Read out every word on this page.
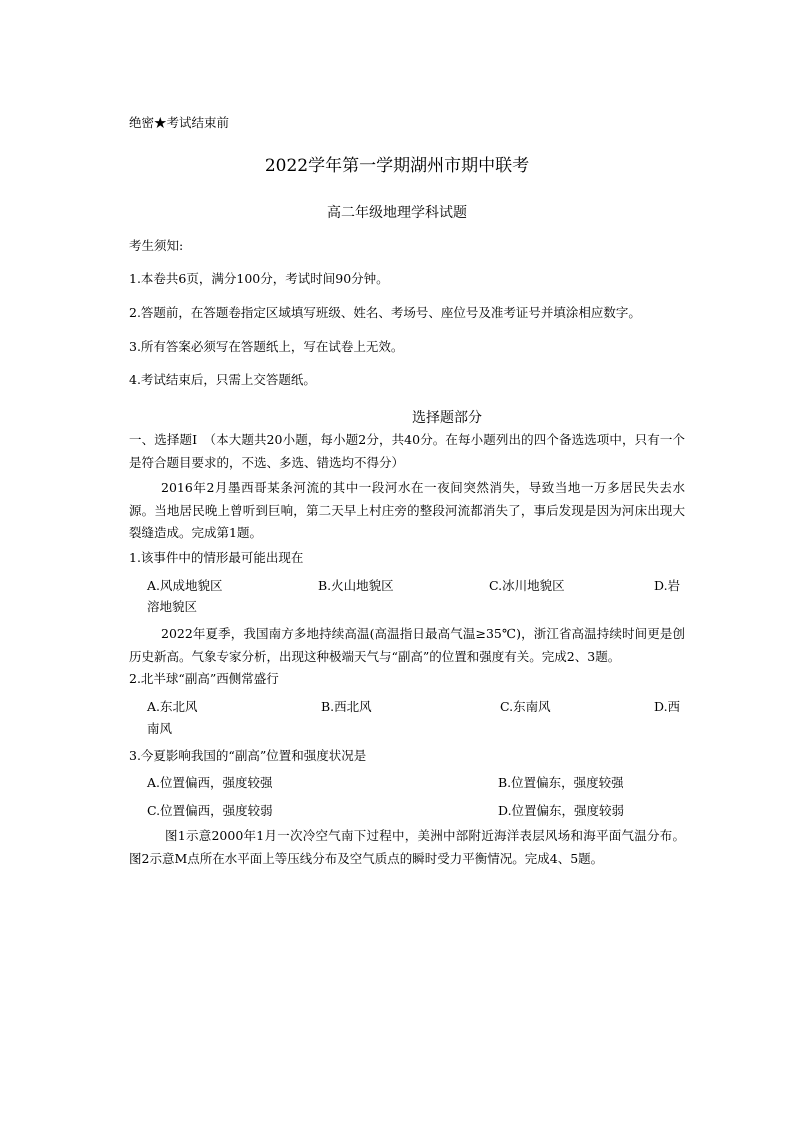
绝密★考试结束前
2022学年第一学期湖州市期中联考
高二年级地理学科试题
考生须知:
1.本卷共6页，满分100分，考试时间90分钟。
2.答题前，在答题卷指定区域填写班级、姓名、考场号、座位号及准考证号并填涂相应数字。
3.所有答案必须写在答题纸上，写在试卷上无效。
4.考试结束后，只需上交答题纸。
选择题部分
一、选择题Ⅰ　（本大题共20小题，每小题2分，共40分。在每小题列出的四个备选选项中，只有一个是符合题目要求的，不选、多选、错选均不得分）
2016年2月墨西哥某条河流的其中一段河水在一夜间突然消失，导致当地一万多居民失去水源。当地居民晚上曾听到巨响，第二天早上村庄旁的整段河流都消失了，事后发现是因为河床出现大裂缝造成。完成第1题。
1.该事件中的情形最可能出现在
A.风成地貌区	B.火山地貌区	C.冰川地貌区	D.岩
溶地貌区
2022年夏季，我国南方多地持续高温(高温指日最高气温≥35℃)，浙江省高温持续时间更是创历史新高。气象专家分析，出现这种极端天气与“副高”的位置和强度有关。完成2、3题。
2.北半球“副高”西侧常盛行
A.东北风	B.西北风	C.东南风	D.西
南风
3.今夏影响我国的“副高”位置和强度状况是
A.位置偏西，强度较强	B.位置偏东，强度较强
C.位置偏西，强度较弱	D.位置偏东，强度较弱
图1示意2000年1月一次冷空气南下过程中，美洲中部附近海洋表层风场和海平面气温分布。图2示意M点所在水平面上等压线分布及空气质点的瞬时受力平衡情况。完成4、5题。
